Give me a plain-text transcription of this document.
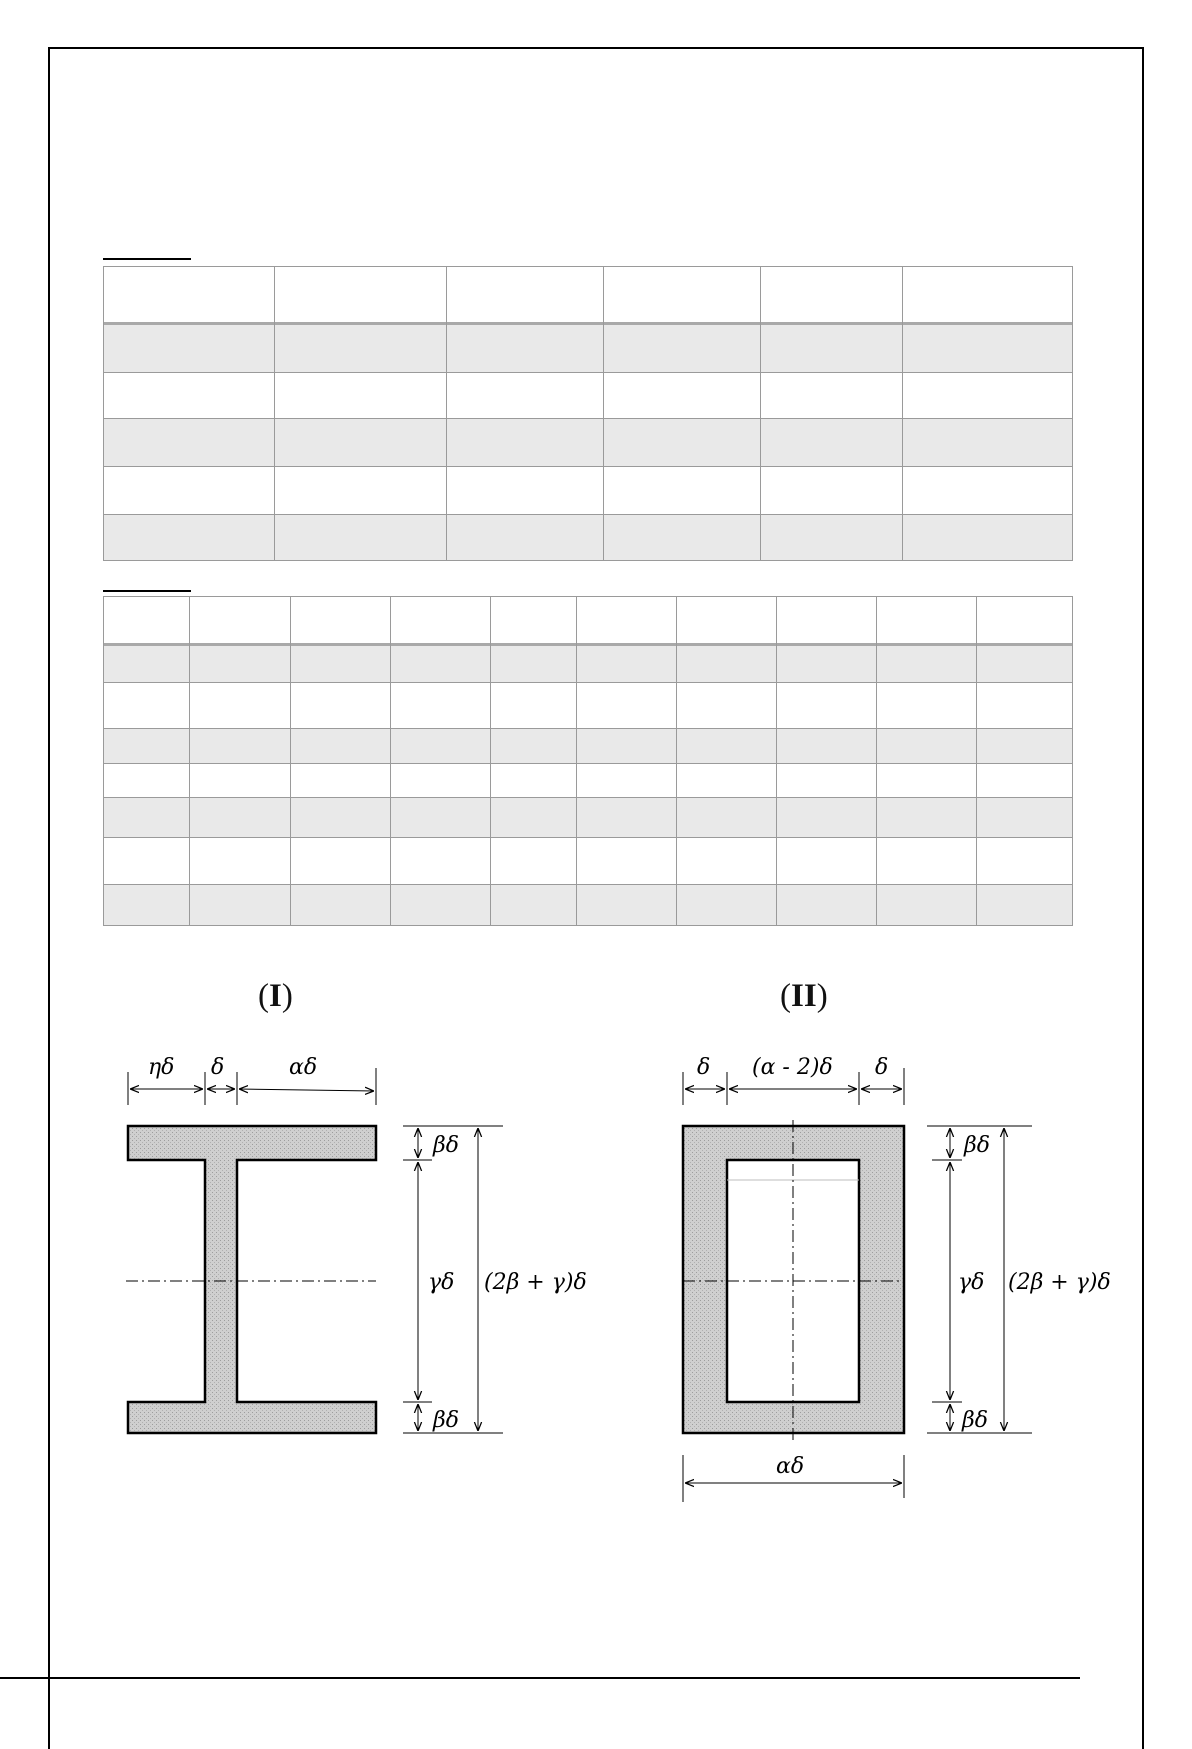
(I)	(II)
ηδ δ	αδ
βδ
γδ (2β + γ)δ
βδ
δ (α - 2)δ δ
βδ
γδ (2β + γ)δ
βδ
αδ
